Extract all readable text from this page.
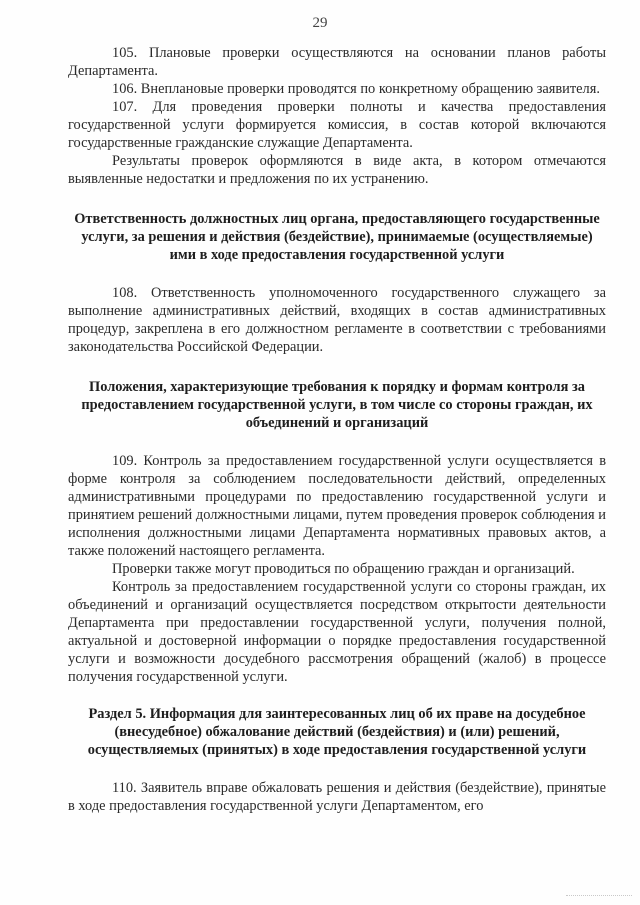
29

105. Плановые проверки осуществляются на основании планов работы Департамента.

106. Внеплановые проверки проводятся по конкретному обращению заявителя.

107. Для проведения проверки полноты и качества предоставления государственной услуги формируется комиссия, в состав которой включаются государственные гражданские служащие Департамента.

Результаты проверок оформляются в виде акта, в котором отмечаются выявленные недостатки и предложения по их устранению.

Ответственность должностных лиц органа, предоставляющего государственные услуги, за решения и действия (бездействие), принимаемые (осуществляемые) ими в ходе предоставления государственной услуги

108. Ответственность уполномоченного государственного служащего за выполнение административных действий, входящих в состав административных процедур, закреплена в его должностном регламенте в соответствии с требованиями законодательства Российской Федерации.

Положения, характеризующие требования к порядку и формам контроля за предоставлением государственной услуги, в том числе со стороны граждан, их объединений и организаций

109. Контроль за предоставлением государственной услуги осуществляется в форме контроля за соблюдением последовательности действий, определенных административными процедурами по предоставлению государственной услуги и принятием решений должностными лицами, путем проведения проверок соблюдения и исполнения должностными лицами Департамента нормативных правовых актов, а также положений настоящего регламента.

Проверки также могут проводиться по обращению граждан и организаций.

Контроль за предоставлением государственной услуги со стороны граждан, их объединений и организаций осуществляется посредством открытости деятельности Департамента при предоставлении государственной услуги, получения полной, актуальной и достоверной информации о порядке предоставления государственной услуги и возможности досудебного рассмотрения обращений (жалоб) в процессе получения государственной услуги.

Раздел 5. Информация для заинтересованных лиц об их праве на досудебное (внесудебное) обжалование действий (бездействия) и (или) решений, осуществляемых (принятых) в ходе предоставления государственной услуги

110. Заявитель вправе обжаловать решения и действия (бездействие), принятые в ходе предоставления государственной услуги Департаментом, его
